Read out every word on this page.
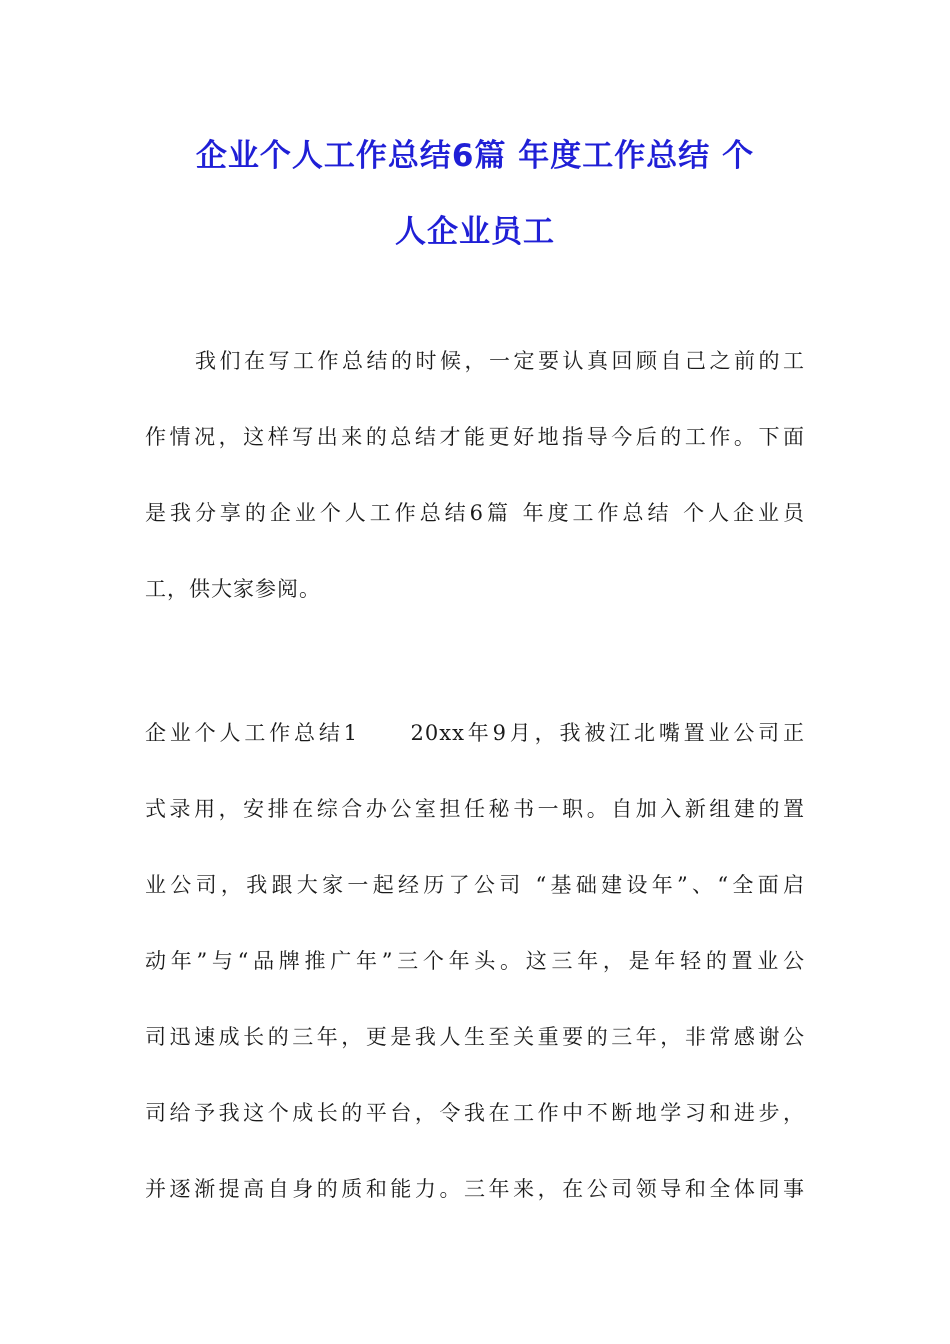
企业个人工作总结6篇 年度工作总结 个
人企业员工
我们在写工作总结的时候，一定要认真回顾自己之前的工
作情况，这样写出来的总结才能更好地指导今后的工作。下面
是我分享的企业个人工作总结6篇 年度工作总结 个人企业员
工，供大家参阅。
企业个人工作总结1　　20xx年9月，我被江北嘴置业公司正
式录用，安排在综合办公室担任秘书一职。自加入新组建的置
业公司，我跟大家一起经历了公司 “基础建设年”、“全面启
动年”与“品牌推广年”三个年头。这三年，是年轻的置业公
司迅速成长的三年，更是我人生至关重要的三年，非常感谢公
司给予我这个成长的平台，令我在工作中不断地学习和进步，
并逐渐提高自身的质和能力。三年来，在公司领导和全体同事
